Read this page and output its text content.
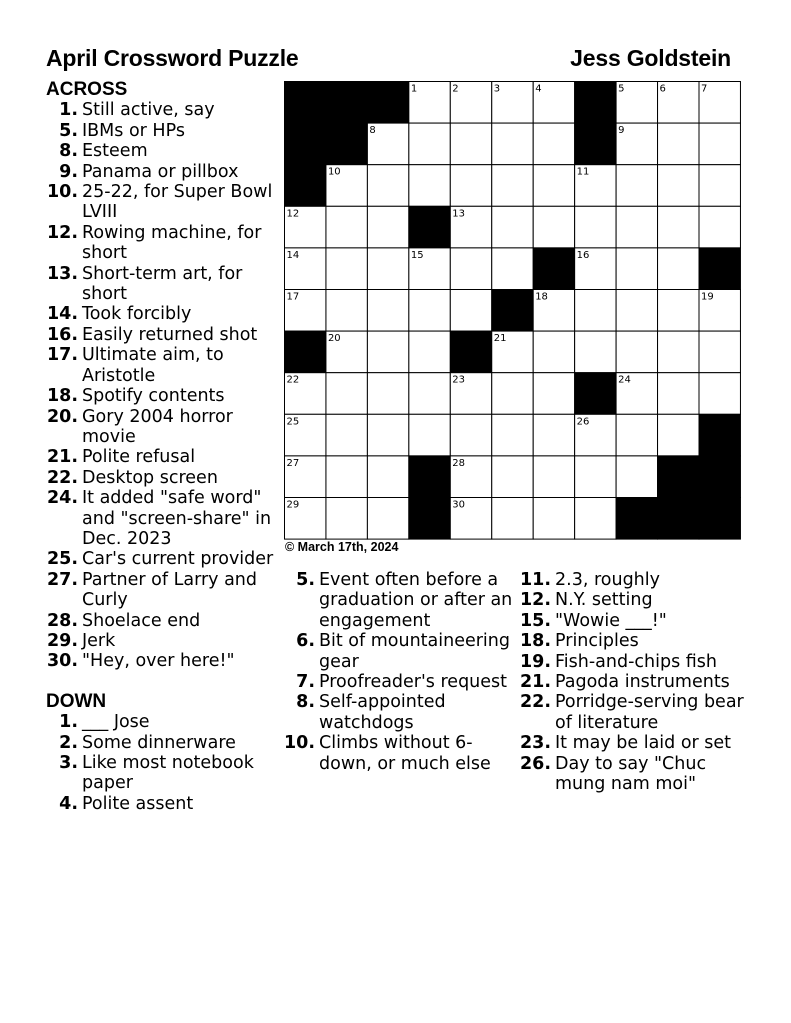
April Crossword Puzzle	Jess Goldstein
1	2	3	4	5	6	7
8	9
10	11
12	13
14	15	16
17	18	19
20	21
22	23	24
25	26
27	28
29	30
© March 17th, 2024
ACROSS
1. Still active, say
5. IBMs or HPs
8. Esteem
9. Panama or pillbox
10. 25-22, for Super Bowl LVIII
12. Rowing machine, for short
13. Short-term art, for short
14. Took forcibly
16. Easily returned shot
17. Ultimate aim, to Aristotle
18. Spotify contents
20. Gory 2004 horror movie
21. Polite refusal
22. Desktop screen
24. It added "safe word" and "screen-share" in Dec. 2023
25. Car's current provider
27. Partner of Larry and Curly
28. Shoelace end
29. Jerk
30. "Hey, over here!"
DOWN
1. ___ Jose
2. Some dinnerware
3. Like most notebook paper
4. Polite assent
5. Event often before a graduation or after an engagement
6. Bit of mountaineering gear
7. Proofreader's request
8. Self-appointed watchdogs
10. Climbs without 6-down, or much else
11. 2.3, roughly
12. N.Y. setting
15. "Wowie ___!"
18. Principles
19. Fish-and-chips fish
21. Pagoda instruments
22. Porridge-serving bear of literature
23. It may be laid or set
26. Day to say "Chuc mung nam moi"
